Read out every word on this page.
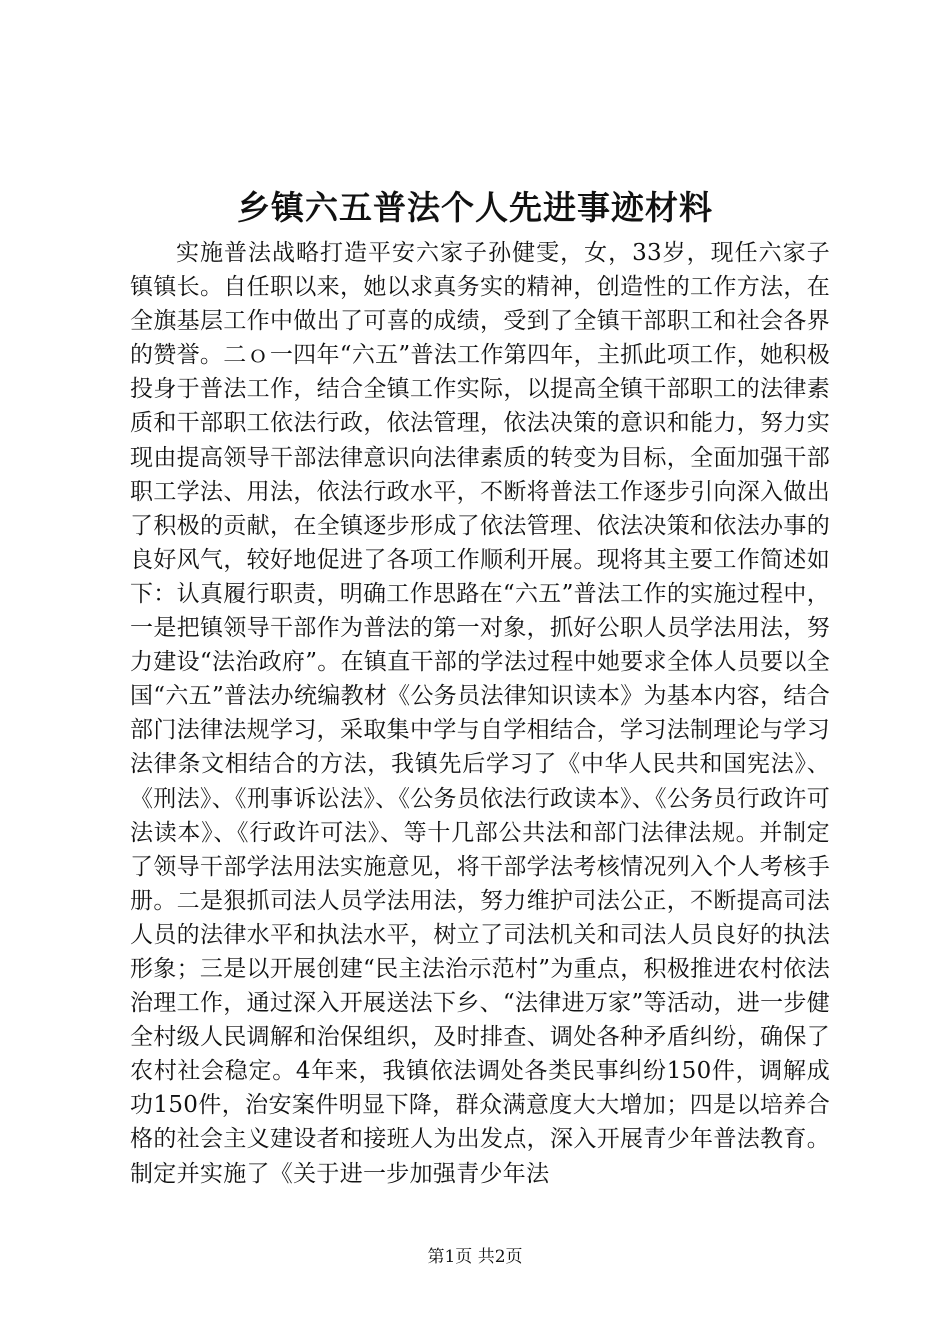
乡镇六五普法个人先进事迹材料

实施普法战略打造平安六家子孙健雯，女，33岁，现任六家子镇镇长。自任职以来，她以求真务实的精神，创造性的工作方法，在全旗基层工作中做出了可喜的成绩，受到了全镇干部职工和社会各界的赞誉。二ｏ一四年“六五”普法工作第四年，主抓此项工作，她积极投身于普法工作，结合全镇工作实际，以提高全镇干部职工的法律素质和干部职工依法行政，依法管理，依法决策的意识和能力，努力实现由提高领导干部法律意识向法律素质的转变为目标，全面加强干部职工学法、用法，依法行政水平，不断将普法工作逐步引向深入做出了积极的贡献，在全镇逐步形成了依法管理、依法决策和依法办事的良好风气，较好地促进了各项工作顺利开展。现将其主要工作简述如下：认真履行职责，明确工作思路在“六五”普法工作的实施过程中，一是把镇领导干部作为普法的第一对象，抓好公职人员学法用法，努力建设“法治政府”。在镇直干部的学法过程中她要求全体人员要以全国“六五”普法办统编教材《公务员法律知识读本》为基本内容，结合部门法律法规学习，采取集中学与自学相结合，学习法制理论与学习法律条文相结合的方法，我镇先后学习了《中华人民共和国宪法》、《刑法》、《刑事诉讼法》、《公务员依法行政读本》、《公务员行政许可法读本》、《行政许可法》、等十几部公共法和部门法律法规。并制定了领导干部学法用法实施意见，将干部学法考核情况列入个人考核手册。二是狠抓司法人员学法用法，努力维护司法公正，不断提高司法人员的法律水平和执法水平，树立了司法机关和司法人员良好的执法形象；三是以开展创建“民主法治示范村”为重点，积极推进农村依法治理工作，通过深入开展送法下乡、“法律进万家”等活动，进一步健全村级人民调解和治保组织，及时排查、调处各种矛盾纠纷，确保了农村社会稳定。4年来，我镇依法调处各类民事纠纷150件，调解成功150件，治安案件明显下降，群众满意度大大增加；四是以培养合格的社会主义建设者和接班人为出发点，深入开展青少年普法教育。制定并实施了《关于进一步加强青少年法

第1页 共2页
